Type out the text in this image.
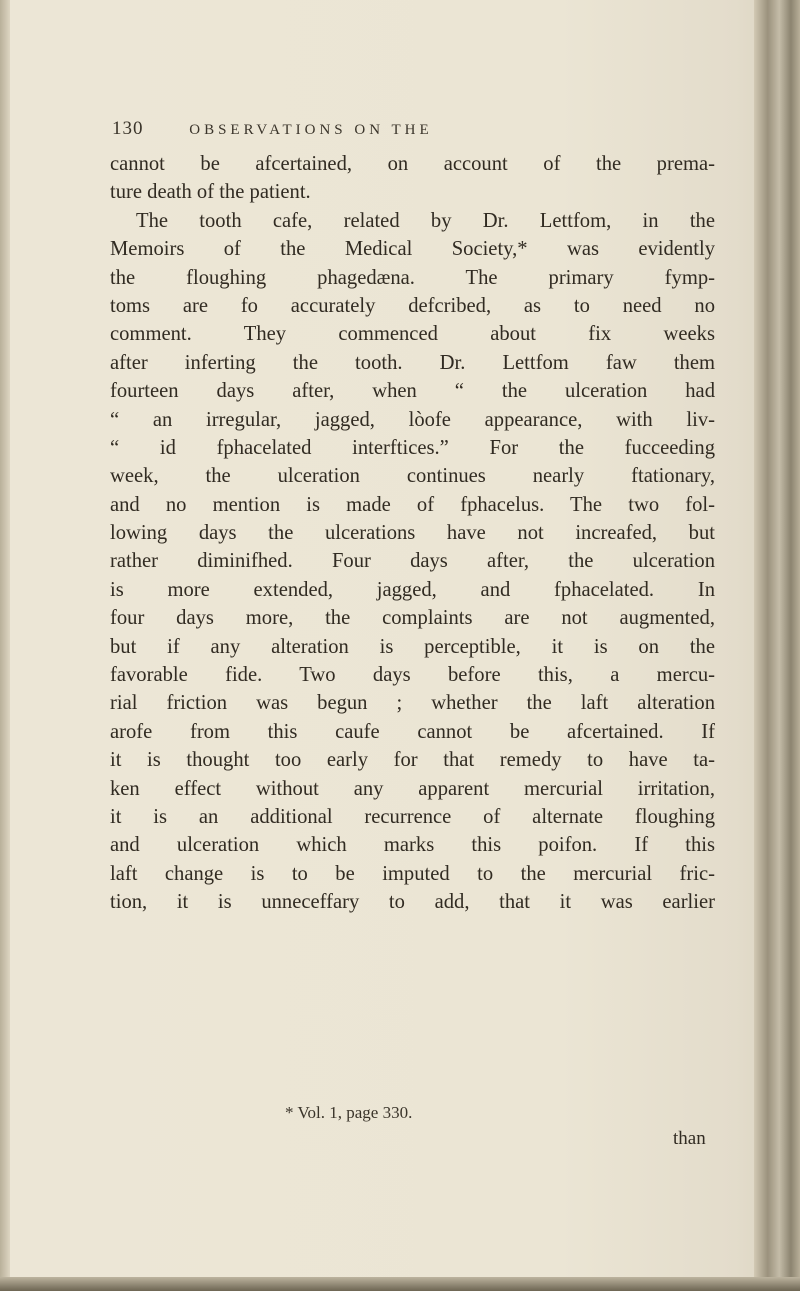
130	OBSERVATIONS ON THE
cannot be afcertained, on account of the prema-
ture death of the patient.
The tooth cafe, related by Dr. Lettfom, in the
Memoirs of the Medical Society,* was evidently
the floughing phagedæna. The primary fymp-
toms are fo accurately defcribed, as to need no
comment. They commenced about fix weeks
after inferting the tooth. Dr. Lettfom faw them
fourteen days after, when “ the ulceration had
“ an irregular, jagged, lòofe appearance, with liv-
“ id fphacelated interftices.” For the fucceeding
week, the ulceration continues nearly ftationary,
and no mention is made of fphacelus. The two fol-
lowing days the ulcerations have not increafed, but
rather diminifhed. Four days after, the ulceration
is more extended, jagged, and fphacelated. In
four days more, the complaints are not augmented,
but if any alteration is perceptible, it is on the
favorable fide. Two days before this, a mercu-
rial friction was begun ; whether the laft alteration
arofe from this caufe cannot be afcertained. If
it is thought too early for that remedy to have ta-
ken effect without any apparent mercurial irritation,
it is an additional recurrence of alternate floughing
and ulceration which marks this poifon. If this
laft change is to be imputed to the mercurial fric-
tion, it is unneceffary to add, that it was earlier
* Vol. 1, page 330.
than
